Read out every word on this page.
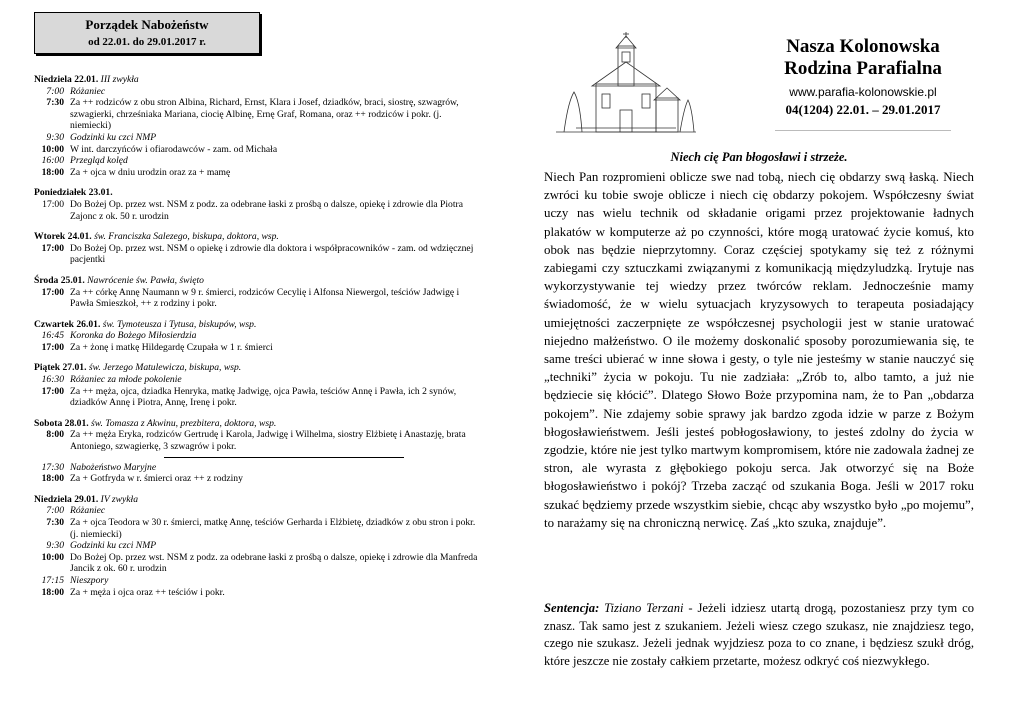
Porządek Nabożeństw
od 22.01. do 29.01.2017 r.
Niedziela 22.01. III zwykła
7:00 Różaniec
7:30 Za ++ rodziców z obu stron Albina, Richard, Ernst, Klara i Josef, dziadków, braci, siostrę, szwagrów, szwagierki, chrześniaka Mariana, ciocię Albinę, Ernę Graf, Romana, oraz ++ rodziców i pokr. (j. niemiecki)
9:30 Godzinki ku czci NMP
10:00 W int. darczyńców i ofiarodawców - zam. od Michała
16:00 Przegląd kolęd
18:00 Za + ojca w dniu urodzin oraz za + mamę
Poniedziałek 23.01.
17:00 Do Bożej Op. przez wst. NSM z podz. za odebrane łaski z prośbą o dalsze, opiekę i zdrowie dla Piotra Zajonc z ok. 50 r. urodzin
Wtorek 24.01. św. Franciszka Salezego, biskupa, doktora, wsp.
17:00 Do Bożej Op. przez wst. NSM o opiekę i zdrowie dla doktora i współpracowników - zam. od wdzięcznej pacjentki
Środa 25.01. Nawrócenie św. Pawła, święto
17:00 Za ++ córkę Annę Naumann w 9 r. śmierci, rodziców Cecylię i Alfonsa Niewergol, teściów Jadwigę i Pawła Smieszkoł, ++ z rodziny i pokr.
Czwartek 26.01. św. Tymoteusza i Tytusa, biskupów, wsp.
16:45 Koronka do Bożego Miłosierdzia
17:00 Za + żonę i matkę Hildegardę Czupała w 1 r. śmierci
Piątek 27.01. św. Jerzego Matulewicza, biskupa, wsp.
16:30 Różaniec za młode pokolenie
17:00 Za ++ męża, ojca, dziadka Henryka, matkę Jadwigę, ojca Pawła, teściów Annę i Pawła, ich 2 synów, dziadków Annę i Piotra, Annę, Irenę i pokr.
Sobota 28.01. św. Tomasza z Akwinu, prezbitera, doktora, wsp.
8:00 Za ++ męża Eryka, rodziców Gertrudę i Karola, Jadwigę i Wilhelma, siostry Elżbietę i Anastazję, brata Antoniego, szwagierkę, 3 szwagrów i pokr.
17:30 Nabożeństwo Maryjne
18:00 Za + Gotfryda w r. śmierci oraz ++ z rodziny
Niedziela 29.01. IV zwykła
7:00 Różaniec
7:30 Za + ojca Teodora w 30 r. śmierci, matkę Annę, teściów Gerharda i Elżbietę, dziadków z obu stron i pokr. (j. niemiecki)
9:30 Godzinki ku czci NMP
10:00 Do Bożej Op. przez wst. NSM z podz. za odebrane łaski z prośbą o dalsze, opiekę i zdrowie dla Manfreda Jancik z ok. 60 r. urodzin
17:15 Nieszpory
18:00 Za + męża i ojca oraz ++ teściów i pokr.
Nasza Kolonowska
Rodzina Parafialna
www.parafia-kolonowskie.pl
04(1204) 22.01. – 29.01.2017
Niech cię Pan błogosławi i strzeże.
Niech Pan rozpromieni oblicze swe nad tobą, niech cię obdarzy swą łaską. Niech zwróci ku tobie swoje oblicze i niech cię obdarzy pokojem. Współczesny świat uczy nas wielu technik od składanie origami przez projektowanie ładnych plakatów w komputerze aż po czynności, które mogą uratować życie komuś, kto obok nas będzie nieprzytomny. Coraz częściej spotykamy się też z różnymi zabiegami czy sztuczkami związanymi z komunikacją międzyludzką. Irytuje nas wykorzystywanie tej wiedzy przez twórców reklam. Jednocześnie mamy świadomość, że w wielu sytuacjach kryzysowych to terapeuta posiadający umiejętności zaczerpnięte ze współczesnej psychologii jest w stanie uratować niejedno małżeństwo. O ile możemy doskonalić sposoby porozumiewania się, te same treści ubierać w inne słowa i gesty, o tyle nie jesteśmy w stanie nauczyć się „techniki” życia w pokoju. Tu nie zadziała: „Zrób to, albo tamto, a już nie będziecie się kłócić”. Dlatego Słowo Boże przypomina nam, że to Pan „obdarza pokojem”. Nie zdajemy sobie sprawy jak bardzo zgoda idzie w parze z Bożym błogosławieństwem. Jeśli jesteś pobłogosławiony, to jesteś zdolny do życia w zgodzie, które nie jest tylko martwym kompromisem, które nie zadowala żadnej ze stron, ale wyrasta z głębokiego pokoju serca. Jak otworzyć się na Boże błogosławieństwo i pokój? Trzeba zacząć od szukania Boga. Jeśli w 2017 roku szukać będziemy przede wszystkim siebie, chcąc aby wszystko było „po mojemu”, to narażamy się na chroniczną nerwicę. Zaś „kto szuka, znajduje”.
Sentencja: Tiziano Terzani - Jeżeli idziesz utartą drogą, pozostaniesz przy tym co znasz. Tak samo jest z szukaniem. Jeżeli wiesz czego szukasz, nie znajdziesz tego, czego nie szukasz. Jeżeli jednak wyjdziesz poza to co znane, i będziesz szukł dróg, które jeszcze nie zostały całkiem przetarte, możesz odkryć coś niezwykłego.
